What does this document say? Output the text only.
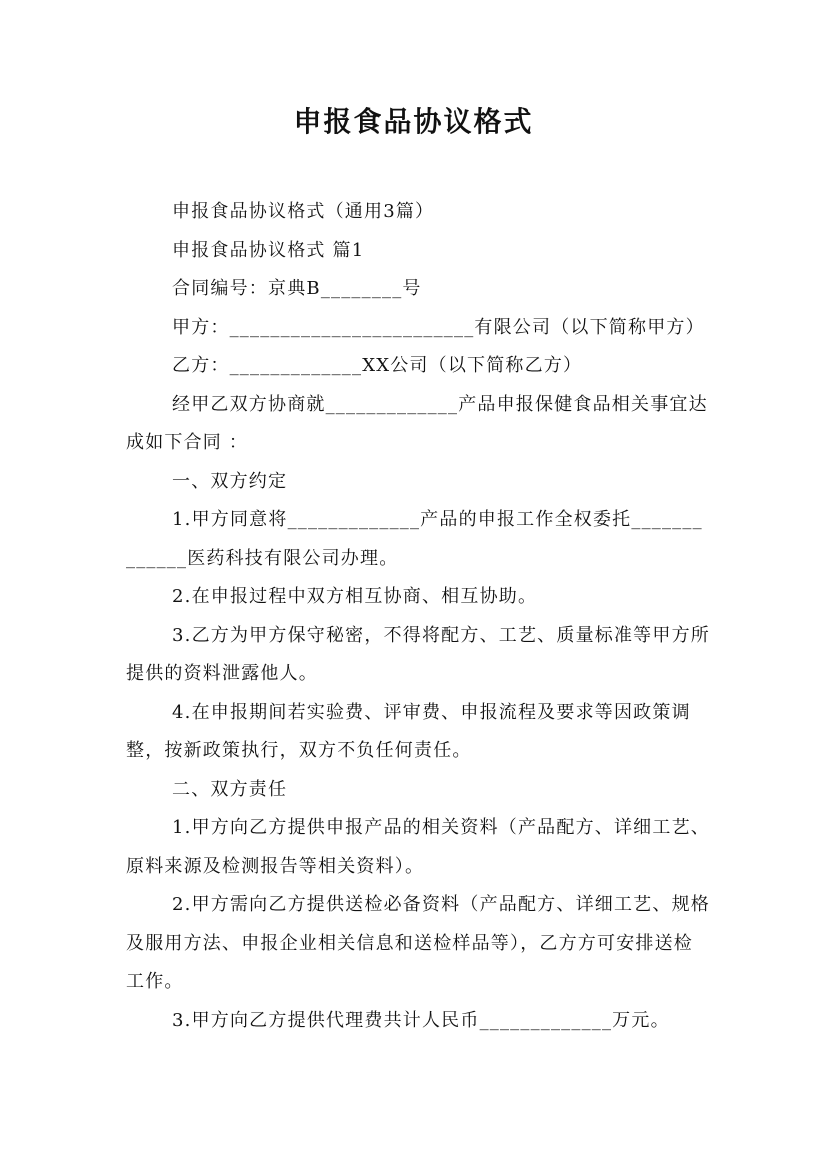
申报食品协议格式

申报食品协议格式（通用3篇）

申报食品协议格式 篇1

合同编号：京典B________号

甲方：________________________有限公司（以下简称甲方）

乙方：_____________XX公司（以下简称乙方）

经甲乙双方协商就_____________产品申报保健食品相关事宜达成如下合同 ：

一、双方约定

1.甲方同意将_____________产品的申报工作全权委托_____________医药科技有限公司办理。

2.在申报过程中双方相互协商、相互协助。

3.乙方为甲方保守秘密，不得将配方、工艺、质量标准等甲方所提供的资料泄露他人。

4.在申报期间若实验费、评审费、申报流程及要求等因政策调整，按新政策执行，双方不负任何责任。

二、双方责任

1.甲方向乙方提供申报产品的相关资料（产品配方、详细工艺、原料来源及检测报告等相关资料）。

2.甲方需向乙方提供送检必备资料（产品配方、详细工艺、规格及服用方法、申报企业相关信息和送检样品等），乙方方可安排送检工作。

3.甲方向乙方提供代理费共计人民币_____________万元。
